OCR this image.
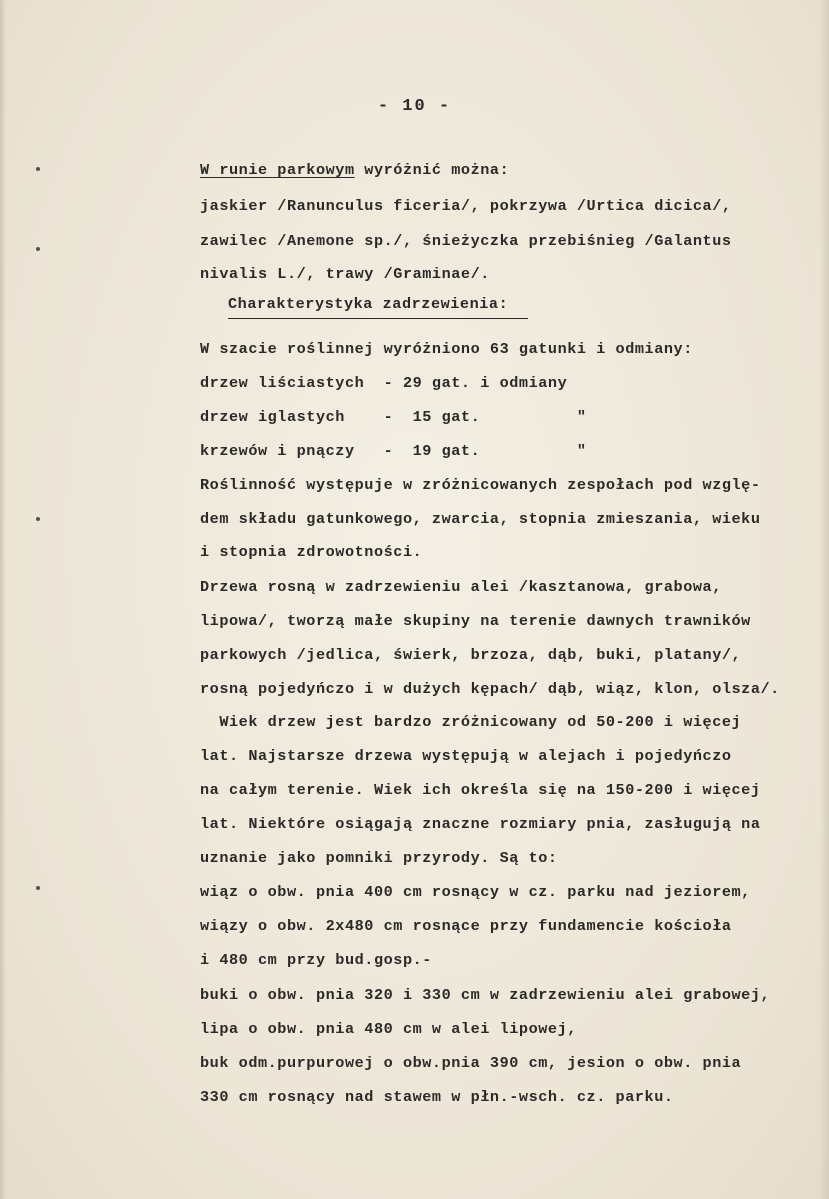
- 10 -
W runie parkowym wyróżnić można:
jaskier /Ranunculus ficeria/, pokrzywa /Urtica dicica/,
zawilec /Anemone sp./, śnieżyczka przebiśnieg /Galantus
nivalis L./, trawy /Graminae/.
Charakterystyka zadrzewienia:
W szacie roślinnej wyróżniono 63 gatunki i odmiany:
drzew liściastych  - 29 gat. i odmiany
drzew iglastych    -  15 gat.          "
krzewów i pnączy   -  19 gat.          "
Roślinność występuje w zróżnicowanych zespołach pod wzglę-
dem składu gatunkowego, zwarcia, stopnia zmieszania, wieku
i stopnia zdrowotności.
Drzewa rosną w zadrzewieniu alei /kasztanowa, grabowa,
lipowa/, tworzą małe skupiny na terenie dawnych trawników
parkowych /jedlica, świerk, brzoza, dąb, buki, platany/,
rosną pojedyńczo i w dużych kępach/ dąb, wiąz, klon, olsza/.
Wiek drzew jest bardzo zróżnicowany od 50-200 i więcej
lat. Najstarsze drzewa występują w alejach i pojedyńczo
na całym terenie. Wiek ich określa się na 150-200 i więcej
lat. Niektóre osiągają znaczne rozmiary pnia, zasługują na
uznanie jako pomniki przyrody. Są to:
wiąz o obw. pnia 400 cm rosnący w cz. parku nad jeziorem,
wiązy o obw. 2x480 cm rosnące przy fundamencie kościoła
i 480 cm przy bud.gosp.-
buki o obw. pnia 320 i 330 cm w zadrzewieniu alei grabowej,
lipa o obw. pnia 480 cm w alei lipowej,
buk odm.purpurowej o obw.pnia 390 cm, jesion o obw. pnia
330 cm rosnący nad stawem w płn.-wsch. cz. parku.
